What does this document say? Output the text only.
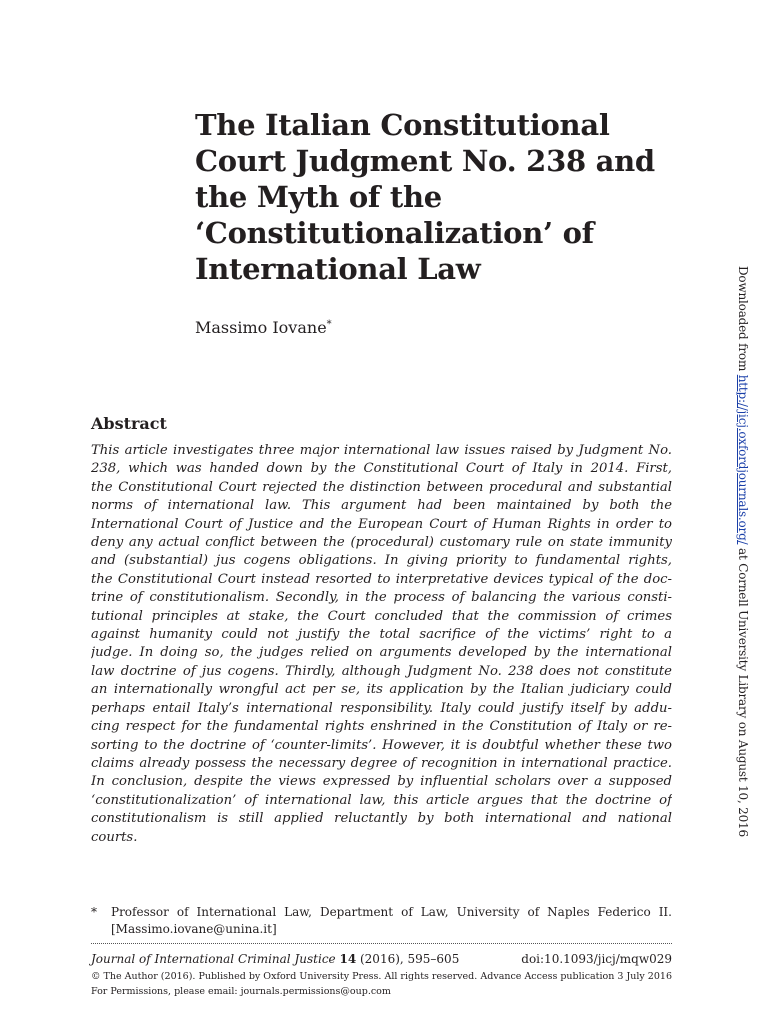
The Italian Constitutional
Court Judgment No. 238 and
the Myth of the
‘Constitutionalization’ of
International Law
Massimo Iovane*
Abstract
This article investigates three major international law issues raised by Judgment No.
238, which was handed down by the Constitutional Court of Italy in 2014. First,
the Constitutional Court rejected the distinction between procedural and substantial
norms of international law. This argument had been maintained by both the
International Court of Justice and the European Court of Human Rights in order to
deny any actual conflict between the (procedural) customary rule on state immunity
and (substantial) jus cogens obligations. In giving priority to fundamental rights,
the Constitutional Court instead resorted to interpretative devices typical of the doc-
trine of constitutionalism. Secondly, in the process of balancing the various consti-
tutional principles at stake, the Court concluded that the commission of crimes
against humanity could not justify the total sacrifice of the victims’ right to a
judge. In doing so, the judges relied on arguments developed by the international
law doctrine of jus cogens. Thirdly, although Judgment No. 238 does not constitute
an internationally wrongful act per se, its application by the Italian judiciary could
perhaps entail Italy’s international responsibility. Italy could justify itself by addu-
cing respect for the fundamental rights enshrined in the Constitution of Italy or re-
sorting to the doctrine of ‘counter-limits’. However, it is doubtful whether these two
claims already possess the necessary degree of recognition in international practice.
In conclusion, despite the views expressed by influential scholars over a supposed
‘constitutionalization’ of international law, this article argues that the doctrine of
constitutionalism is still applied reluctantly by both international and national
courts.
* Professor of International Law, Department of Law, University of Naples Federico II.
[Massimo.iovane@unina.it]
Journal of International Criminal Justice 14 (2016), 595–605	doi:10.1093/jicj/mqw029
© The Author (2016). Published by Oxford University Press. All rights reserved. Advance Access publication 3 July 2016
For Permissions, please email: journals.permissions@oup.com
Downloaded from http://jicj.oxfordjournals.org/ at Cornell University Library on August 10, 2016
